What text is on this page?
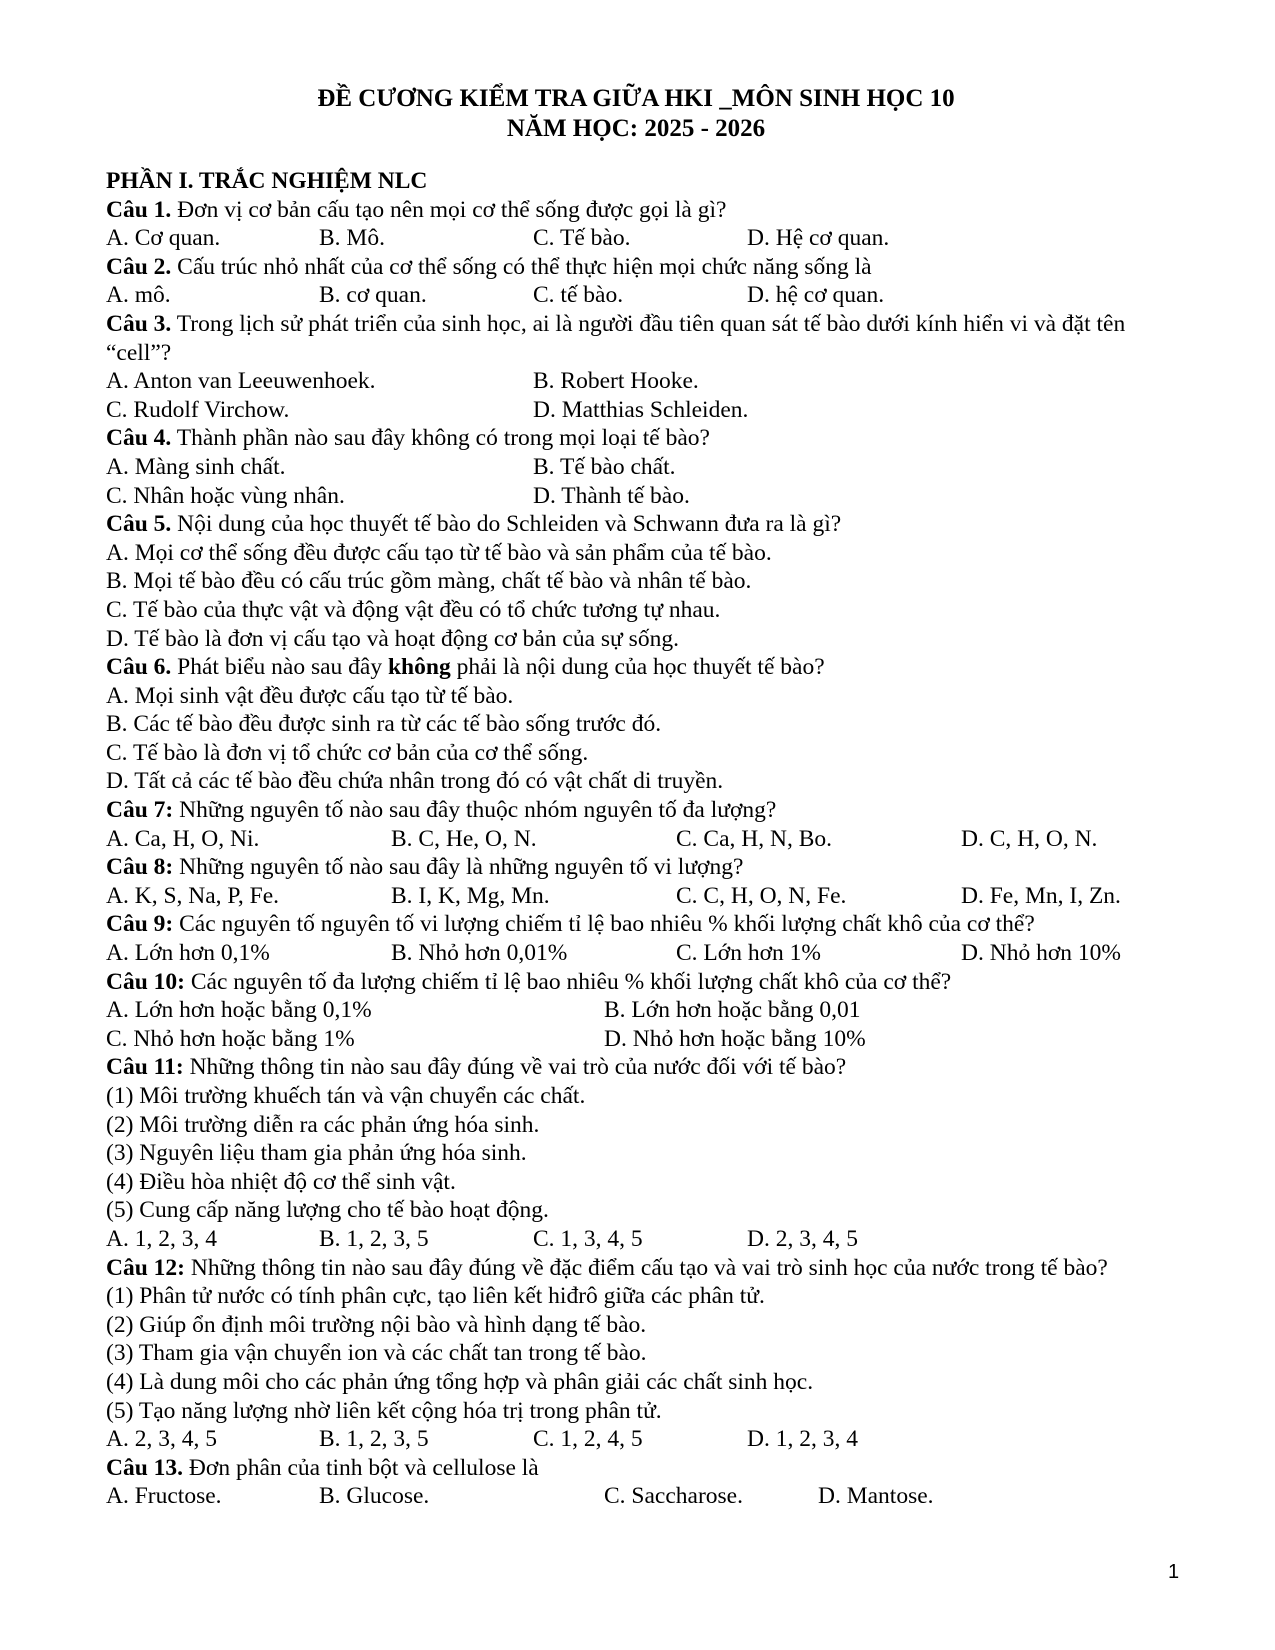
ĐỀ CƯƠNG KIỂM TRA GIỮA HKI _MÔN SINH HỌC 10
NĂM HỌC: 2025 - 2026
PHẦN I. TRẮC NGHIỆM NLC
Câu 1. Đơn vị cơ bản cấu tạo nên mọi cơ thể sống được gọi là gì?
A. Cơ quan.	B. Mô.	C. Tế bào.	D. Hệ cơ quan.
Câu 2. Cấu trúc nhỏ nhất của cơ thể sống có thể thực hiện mọi chức năng sống là
A. mô.	B. cơ quan.	C. tế bào.	D. hệ cơ quan.
Câu 3. Trong lịch sử phát triển của sinh học, ai là người đầu tiên quan sát tế bào dưới kính hiển vi và đặt tên “cell”?
A. Anton van Leeuwenhoek.	B. Robert Hooke.
C. Rudolf Virchow.	D. Matthias Schleiden.
Câu 4. Thành phần nào sau đây không có trong mọi loại tế bào?
A. Màng sinh chất.	B. Tế bào chất.
C. Nhân hoặc vùng nhân.	D. Thành tế bào.
Câu 5. Nội dung của học thuyết tế bào do Schleiden và Schwann đưa ra là gì?
A. Mọi cơ thể sống đều được cấu tạo từ tế bào và sản phẩm của tế bào.
B. Mọi tế bào đều có cấu trúc gồm màng, chất tế bào và nhân tế bào.
C. Tế bào của thực vật và động vật đều có tổ chức tương tự nhau.
D. Tế bào là đơn vị cấu tạo và hoạt động cơ bản của sự sống.
Câu 6. Phát biểu nào sau đây không phải là nội dung của học thuyết tế bào?
A. Mọi sinh vật đều được cấu tạo từ tế bào.
B. Các tế bào đều được sinh ra từ các tế bào sống trước đó.
C. Tế bào là đơn vị tổ chức cơ bản của cơ thể sống.
D. Tất cả các tế bào đều chứa nhân trong đó có vật chất di truyền.
Câu 7: Những nguyên tố nào sau đây thuộc nhóm nguyên tố đa lượng?
A. Ca, H, O, Ni.	B. C, He, O, N.	C. Ca, H, N, Bo.	D. C, H, O, N.
Câu 8: Những nguyên tố nào sau đây là những nguyên tố vi lượng?
A. K, S, Na, P, Fe.	B. I, K, Mg, Mn.	C. C, H, O, N, Fe.	D. Fe, Mn, I, Zn.
Câu 9: Các nguyên tố nguyên tố vi lượng chiếm tỉ lệ bao nhiêu % khối lượng chất khô của cơ thể?
A. Lớn hơn 0,1%	B. Nhỏ hơn 0,01%	C. Lớn hơn 1%	D. Nhỏ hơn 10%
Câu 10: Các nguyên tố đa lượng chiếm tỉ lệ bao nhiêu % khối lượng chất khô của cơ thể?
A. Lớn hơn hoặc bằng 0,1%	B. Lớn hơn hoặc bằng 0,01
C. Nhỏ hơn hoặc bằng 1%	D. Nhỏ hơn hoặc bằng 10%
Câu 11: Những thông tin nào sau đây đúng về vai trò của nước đối với tế bào?
(1) Môi trường khuếch tán và vận chuyển các chất.
(2) Môi trường diễn ra các phản ứng hóa sinh.
(3) Nguyên liệu tham gia phản ứng hóa sinh.
(4) Điều hòa nhiệt độ cơ thể sinh vật.
(5) Cung cấp năng lượng cho tế bào hoạt động.
A. 1, 2, 3, 4	B. 1, 2, 3, 5	C. 1, 3, 4, 5	D. 2, 3, 4, 5
Câu 12: Những thông tin nào sau đây đúng về đặc điểm cấu tạo và vai trò sinh học của nước trong tế bào?
(1) Phân tử nước có tính phân cực, tạo liên kết hiđrô giữa các phân tử.
(2) Giúp ổn định môi trường nội bào và hình dạng tế bào.
(3) Tham gia vận chuyển ion và các chất tan trong tế bào.
(4) Là dung môi cho các phản ứng tổng hợp và phân giải các chất sinh học.
(5) Tạo năng lượng nhờ liên kết cộng hóa trị trong phân tử.
A. 2, 3, 4, 5	B. 1, 2, 3, 5	C. 1, 2, 4, 5	D. 1, 2, 3, 4
Câu 13. Đơn phân của tinh bột và cellulose là
A. Fructose.	B. Glucose.	C. Saccharose.	D. Mantose.
1
